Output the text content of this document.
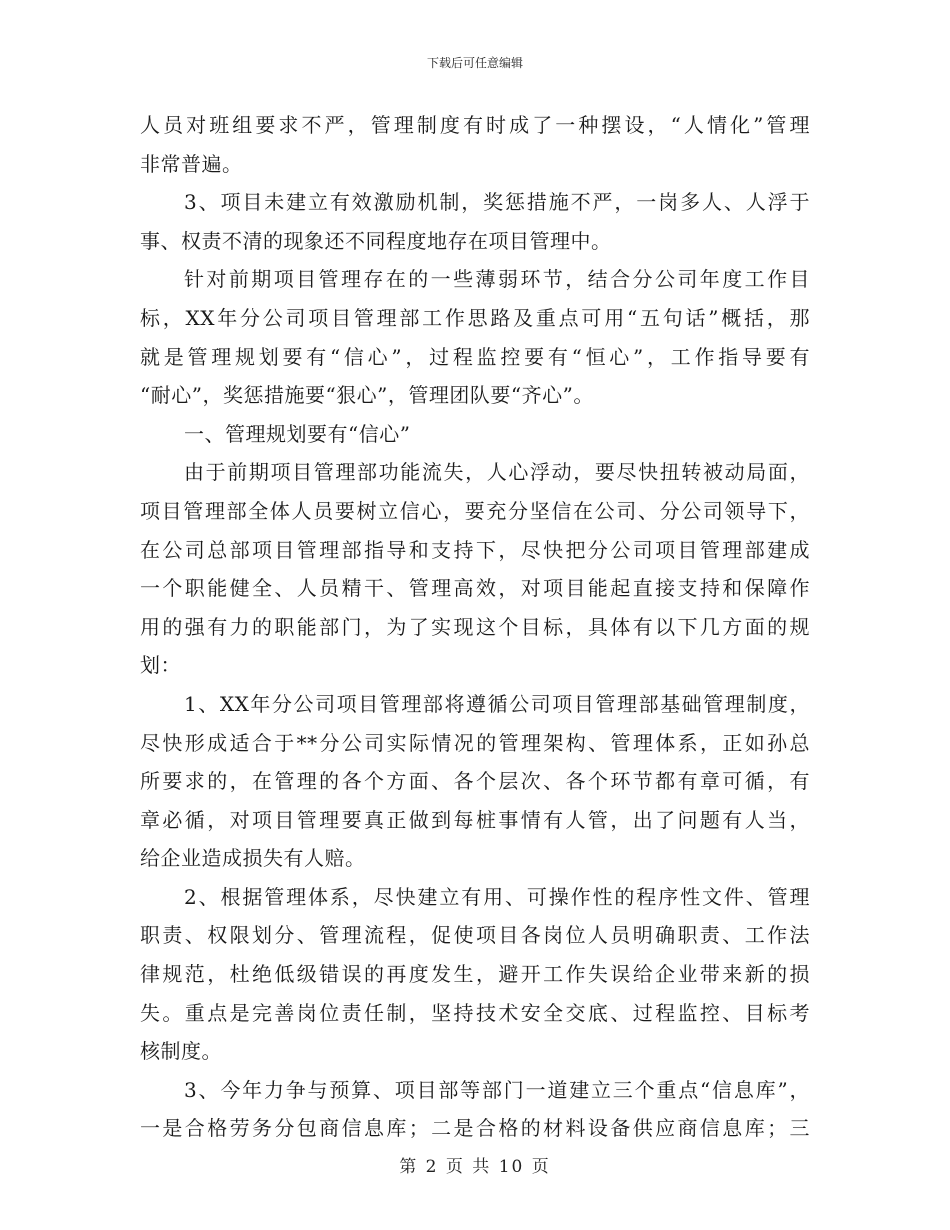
下载后可任意编辑
人员对班组要求不严，管理制度有时成了一种摆设，“人情化”管理
非常普遍。
3、项目未建立有效激励机制，奖惩措施不严，一岗多人、人浮于
事、权责不清的现象还不同程度地存在项目管理中。
针对前期项目管理存在的一些薄弱环节，结合分公司年度工作目
标，XX年分公司项目管理部工作思路及重点可用“五句话”概括，那
就是管理规划要有“信心”，过程监控要有“恒心”，工作指导要有
“耐心”，奖惩措施要“狠心”，管理团队要“齐心”。
一、管理规划要有“信心”
由于前期项目管理部功能流失，人心浮动，要尽快扭转被动局面，
项目管理部全体人员要树立信心，要充分坚信在公司、分公司领导下，
在公司总部项目管理部指导和支持下，尽快把分公司项目管理部建成
一个职能健全、人员精干、管理高效，对项目能起直接支持和保障作
用的强有力的职能部门，为了实现这个目标，具体有以下几方面的规
划：
1、XX年分公司项目管理部将遵循公司项目管理部基础管理制度，
尽快形成适合于**分公司实际情况的管理架构、管理体系，正如孙总
所要求的，在管理的各个方面、各个层次、各个环节都有章可循，有
章必循，对项目管理要真正做到每桩事情有人管，出了问题有人当，
给企业造成损失有人赔。
2、根据管理体系，尽快建立有用、可操作性的程序性文件、管理
职责、权限划分、管理流程，促使项目各岗位人员明确职责、工作法
律规范，杜绝低级错误的再度发生，避开工作失误给企业带来新的损
失。重点是完善岗位责任制，坚持技术安全交底、过程监控、目标考
核制度。
3、今年力争与预算、项目部等部门一道建立三个重点“信息库”，
一是合格劳务分包商信息库；二是合格的材料设备供应商信息库；三
第 2 页 共 10 页
